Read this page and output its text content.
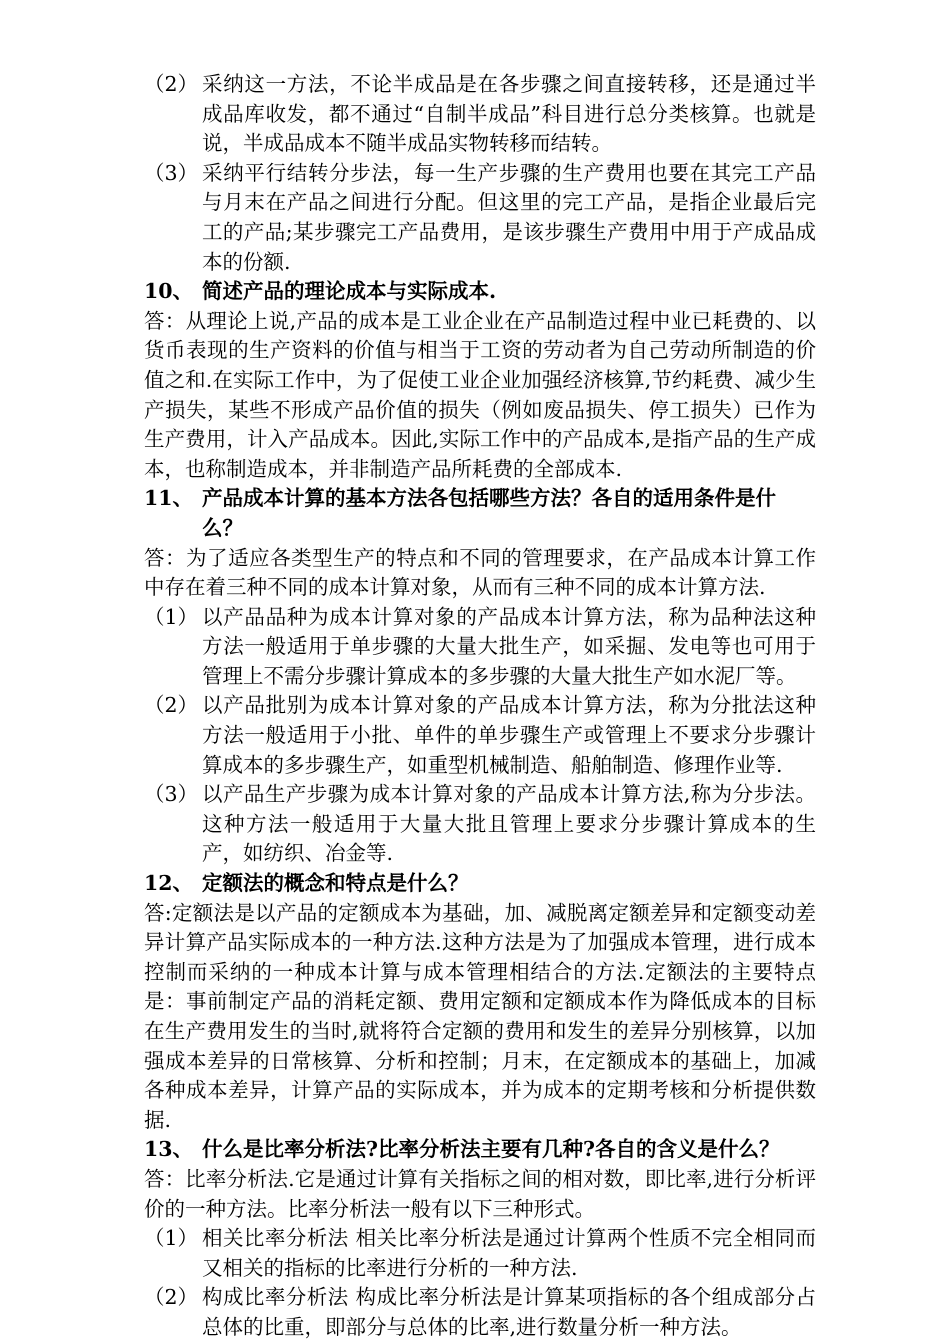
（2） 采纳这一方法，不论半成品是在各步骤之间直接转移，还是通过半成品库收发，都不通过“自制半成品”科目进行总分类核算。也就是说，半成品成本不随半成品实物转移而结转。
（3） 采纳平行结转分步法，每一生产步骤的生产费用也要在其完工产品与月末在产品之间进行分配。但这里的完工产品，是指企业最后完工的产品;某步骤完工产品费用，是该步骤生产费用中用于产成品成本的份额.
10、 简述产品的理论成本与实际成本.

答：从理论上说,产品的成本是工业企业在产品制造过程中业已耗费的、以货币表现的生产资料的价值与相当于工资的劳动者为自己劳动所制造的价值之和.在实际工作中，为了促使工业企业加强经济核算,节约耗费、减少生产损失，某些不形成产品价值的损失（例如废品损失、停工损失）已作为生产费用，计入产品成本。因此,实际工作中的产品成本,是指产品的生产成本，也称制造成本，并非制造产品所耗费的全部成本.

11、 产品成本计算的基本方法各包括哪些方法？各自的适用条件是什么？

答：为了适应各类型生产的特点和不同的管理要求，在产品成本计算工作中存在着三种不同的成本计算对象，从而有三种不同的成本计算方法.

（1） 以产品品种为成本计算对象的产品成本计算方法，称为品种法这种方法一般适用于单步骤的大量大批生产，如采掘、发电等也可用于管理上不需分步骤计算成本的多步骤的大量大批生产如水泥厂等。
（2） 以产品批别为成本计算对象的产品成本计算方法，称为分批法这种方法一般适用于小批、单件的单步骤生产或管理上不要求分步骤计算成本的多步骤生产，如重型机械制造、船舶制造、修理作业等.
（3） 以产品生产步骤为成本计算对象的产品成本计算方法,称为分步法。这种方法一般适用于大量大批且管理上要求分步骤计算成本的生产，如纺织、冶金等.
12、 定额法的概念和特点是什么？

答:定额法是以产品的定额成本为基础，加、减脱离定额差异和定额变动差异计算产品实际成本的一种方法.这种方法是为了加强成本管理，进行成本控制而采纳的一种成本计算与成本管理相结合的方法.定额法的主要特点是：事前制定产品的消耗定额、费用定额和定额成本作为降低成本的目标在生产费用发生的当时,就将符合定额的费用和发生的差异分别核算，以加强成本差异的日常核算、分析和控制；月末，在定额成本的基础上，加减各种成本差异，计算产品的实际成本，并为成本的定期考核和分析提供数据.

13、 什么是比率分析法?比率分析法主要有几种?各自的含义是什么？

答：比率分析法.它是通过计算有关指标之间的相对数，即比率,进行分析评价的一种方法。比率分析法一般有以下三种形式。

（1） 相关比率分析法 相关比率分析法是通过计算两个性质不完全相同而又相关的指标的比率进行分析的一种方法.
（2） 构成比率分析法 构成比率分析法是计算某项指标的各个组成部分占总体的比重，即部分与总体的比率,进行数量分析一种方法。
